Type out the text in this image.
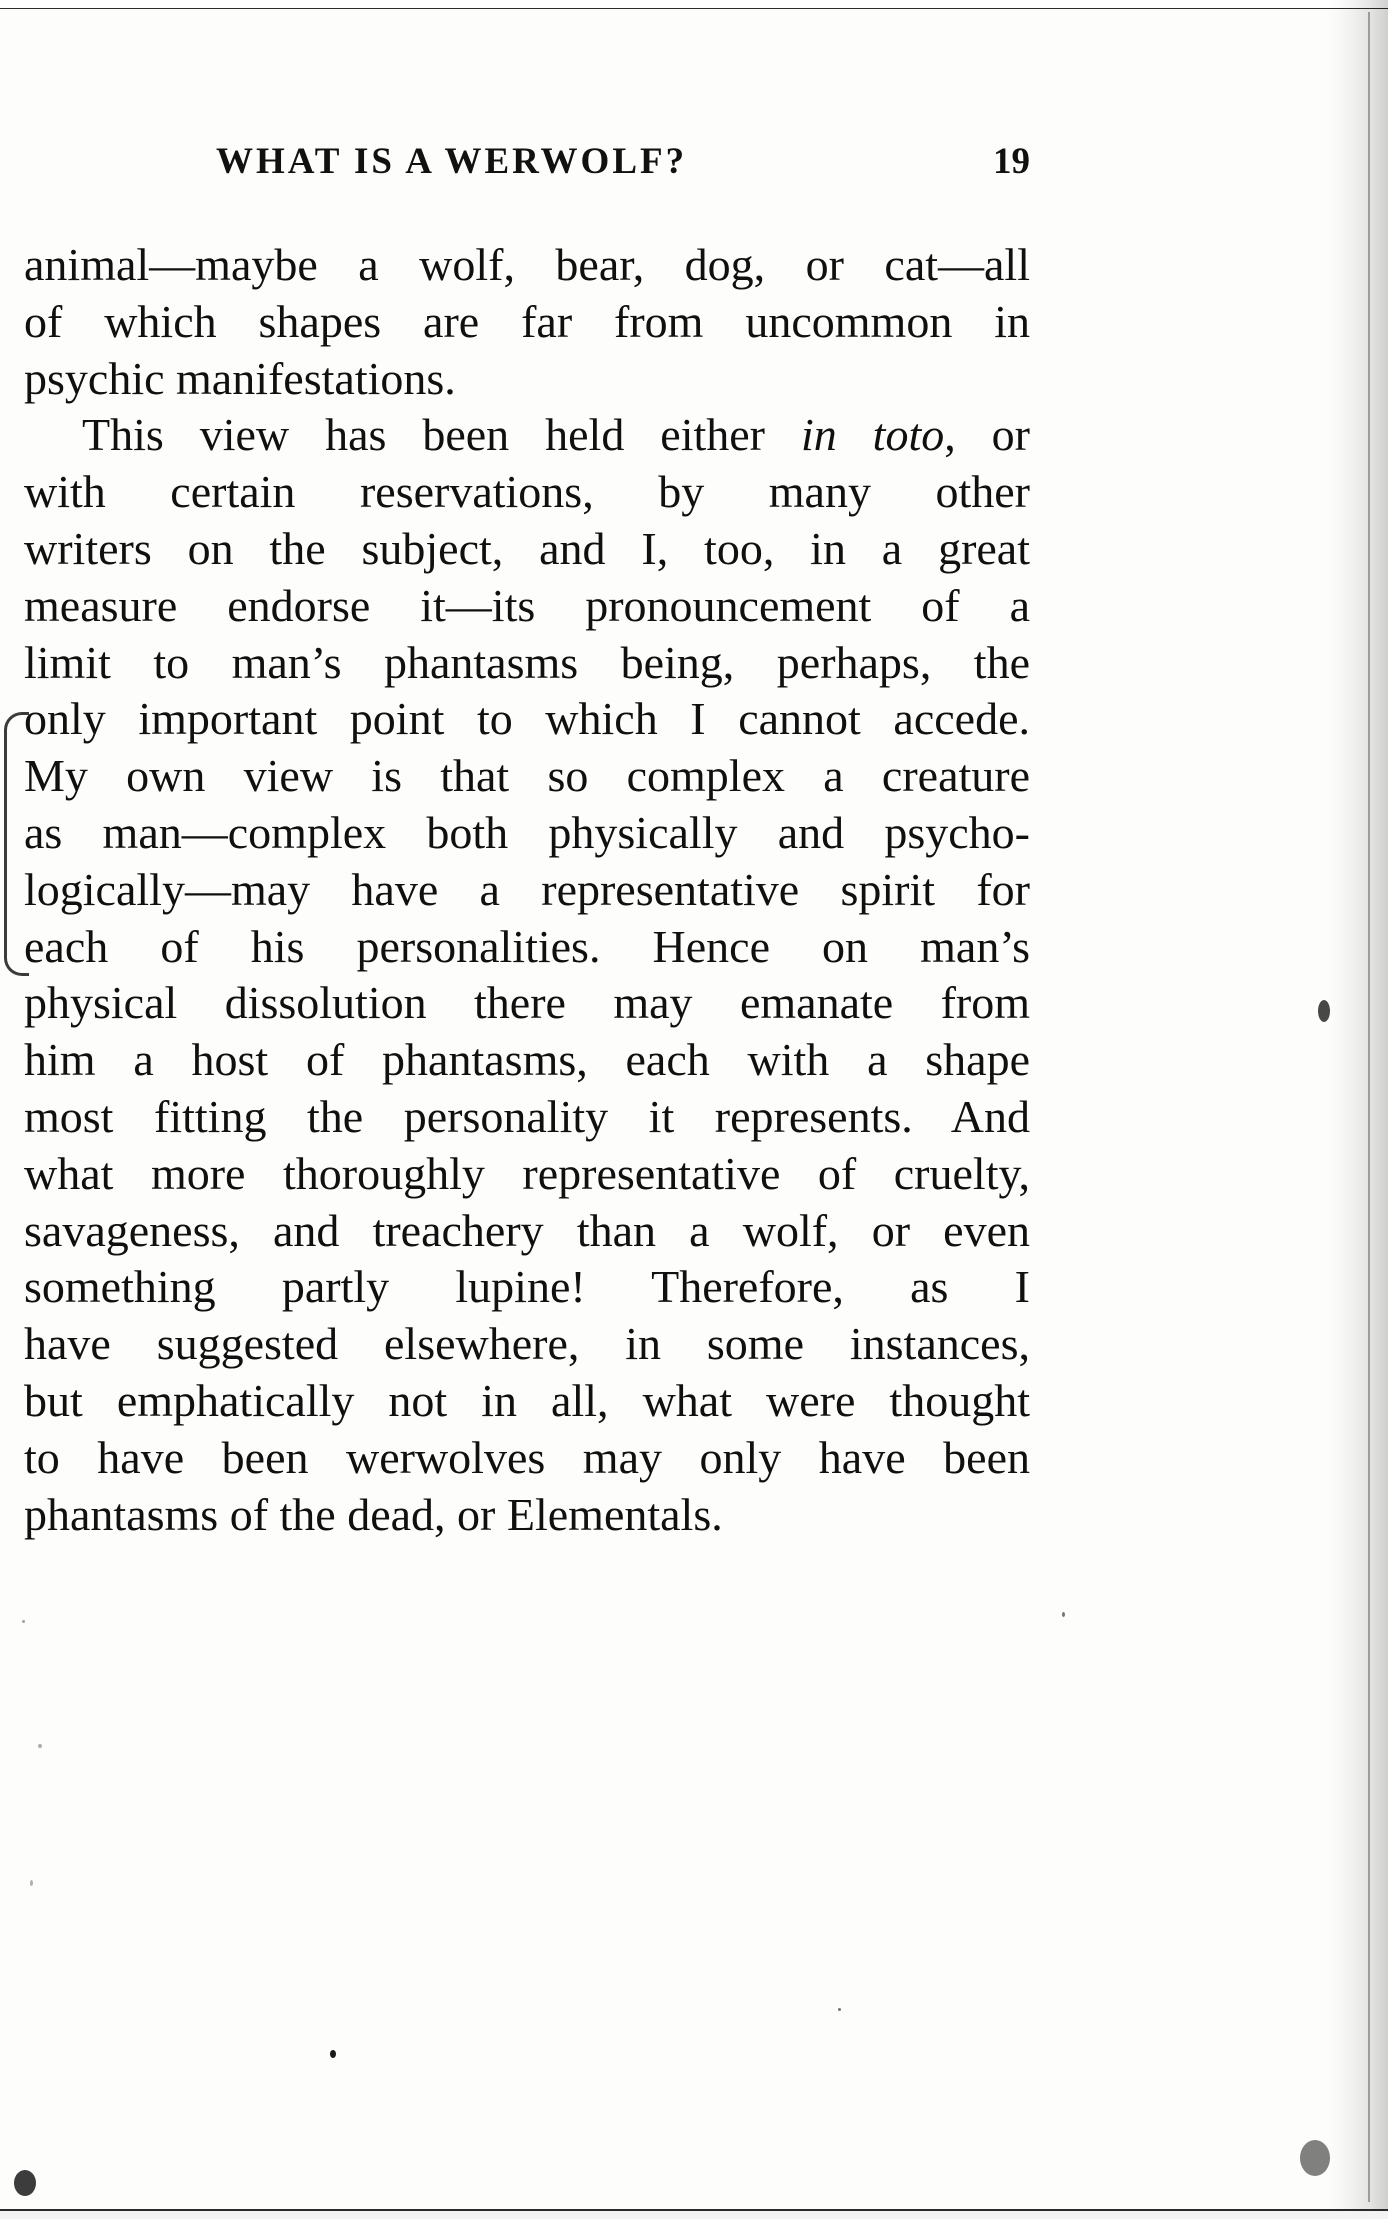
WHAT IS A WERWOLF?	19
animal—maybe a wolf, bear, dog, or cat—all
of which shapes are far from uncommon in
psychic manifestations.
This view has been held either in toto, or
with certain reservations, by many other
writers on the subject, and I, too, in a great
measure endorse it—its pronouncement of a
limit to man’s phantasms being, perhaps, the
only important point to which I cannot accede.
My own view is that so complex a creature
as man—complex both physically and psycho-
logically—may have a representative spirit for
each of his personalities. Hence on man’s
physical dissolution there may emanate from
him a host of phantasms, each with a shape
most fitting the personality it represents. And
what more thoroughly representative of cruelty,
savageness, and treachery than a wolf, or even
something partly lupine! Therefore, as I
have suggested elsewhere, in some instances,
but emphatically not in all, what were thought
to have been werwolves may only have been
phantasms of the dead, or Elementals.
